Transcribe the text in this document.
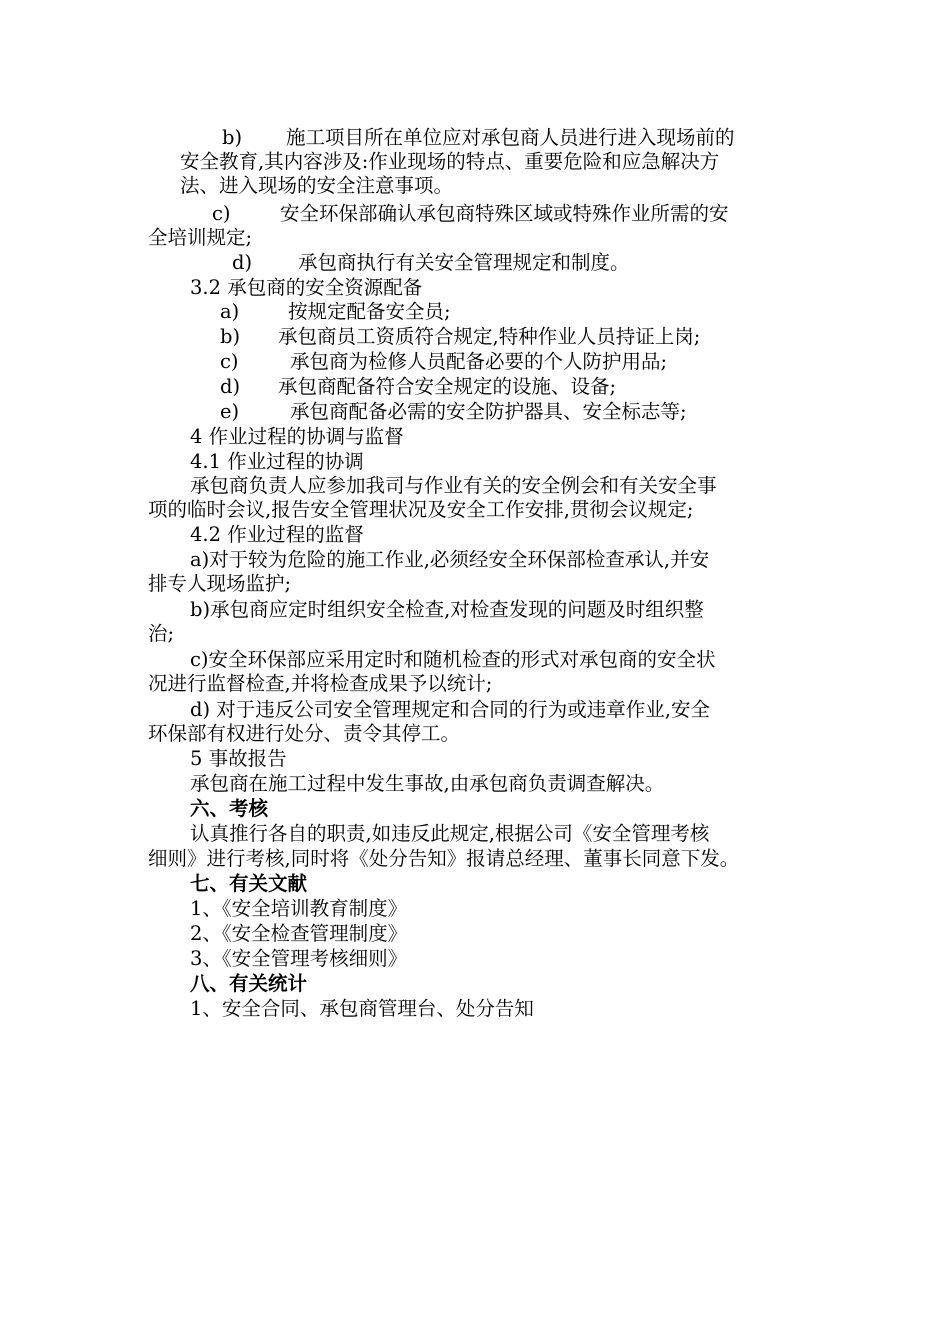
b) 施工项目所在单位应对承包商人员进行进入现场前的
安全教育,其内容涉及:作业现场的特点、重要危险和应急解决方
法、进入现场的安全注意事项。
c)	安全环保部确认承包商特殊区域或特殊作业所需的安
全培训规定;
d) 承包商执行有关安全管理规定和制度。
3.2 承包商的安全资源配备
a)	按规定配备安全员;
b) 承包商员工资质符合规定,特种作业人员持证上岗;
c)	承包商为检修人员配备必要的个人防护用品;
d) 承包商配备符合安全规定的设施、设备;
e)	承包商配备必需的安全防护器具、安全标志等;
4 作业过程的协调与监督
4.1 作业过程的协调
承包商负责人应参加我司与作业有关的安全例会和有关安全事
项的临时会议,报告安全管理状况及安全工作安排,贯彻会议规定;
4.2 作业过程的监督
a)对于较为危险的施工作业,必须经安全环保部检查承认,并安
排专人现场监护;
b)承包商应定时组织安全检查,对检查发现的问题及时组织整
治;
c)安全环保部应采用定时和随机检查的形式对承包商的安全状
况进行监督检查,并将检查成果予以统计;
d) 对于违反公司安全管理规定和合同的行为或违章作业,安全
环保部有权进行处分、责令其停工。
5 事故报告
承包商在施工过程中发生事故,由承包商负责调查解决。
六、考核
认真推行各自的职责,如违反此规定,根据公司《安全管理考核
细则》进行考核,同时将《处分告知》报请总经理、董事长同意下发。
七、有关文献
1、《安全培训教育制度》
2、《安全检查管理制度》
3、《安全管理考核细则》
八、有关统计
1、安全合同、承包商管理台、处分告知
